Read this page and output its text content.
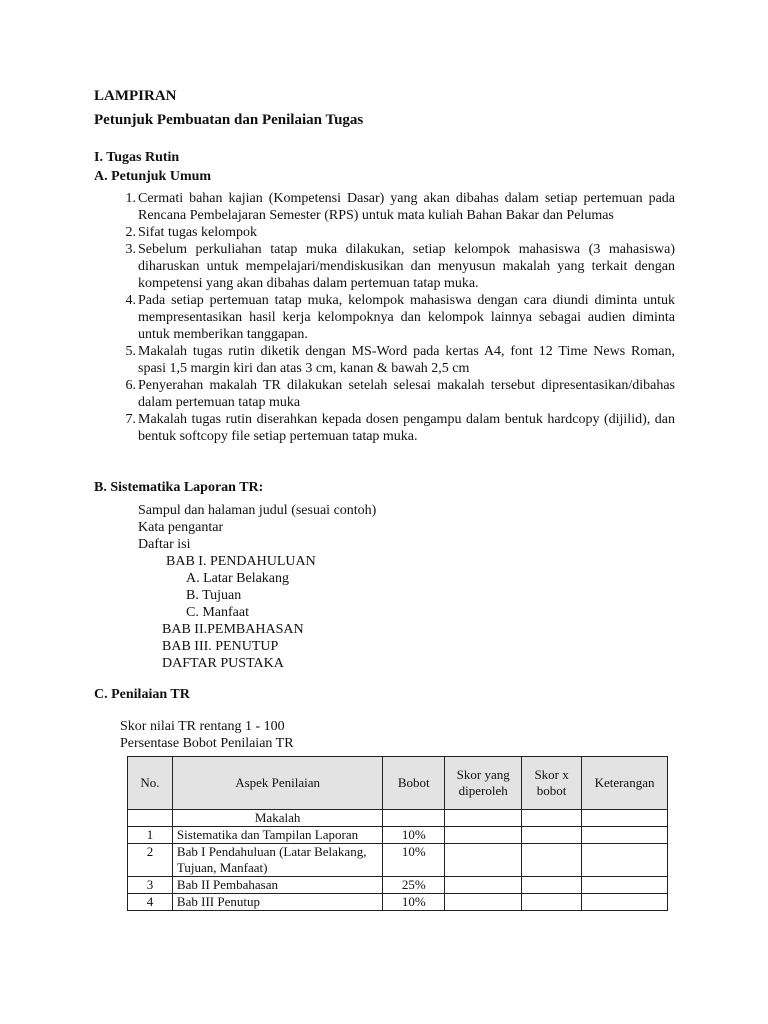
LAMPIRAN
Petunjuk Pembuatan dan Penilaian Tugas
I. Tugas Rutin
A. Petunjuk Umum
1. Cermati bahan kajian (Kompetensi Dasar) yang akan dibahas dalam setiap pertemuan pada Rencana Pembelajaran Semester (RPS) untuk mata kuliah Bahan Bakar dan Pelumas
2. Sifat tugas kelompok
3. Sebelum perkuliahan tatap muka dilakukan, setiap kelompok mahasiswa (3 mahasiswa) diharuskan untuk mempelajari/mendiskusikan dan menyusun makalah yang terkait dengan kompetensi yang akan dibahas dalam pertemuan tatap muka.
4. Pada setiap pertemuan tatap muka, kelompok mahasiswa dengan cara diundi diminta untuk mempresentasikan hasil kerja kelompoknya dan kelompok lainnya sebagai audien diminta untuk memberikan tanggapan.
5. Makalah tugas rutin diketik dengan MS-Word pada kertas A4, font 12 Time News Roman, spasi 1,5 margin kiri dan atas 3 cm, kanan & bawah 2,5 cm
6. Penyerahan makalah TR dilakukan setelah selesai makalah tersebut dipresentasikan/dibahas dalam pertemuan tatap muka
7. Makalah tugas rutin diserahkan kepada dosen pengampu dalam bentuk hardcopy (dijilid), dan bentuk softcopy file setiap pertemuan tatap muka.
B. Sistematika Laporan TR:
Sampul dan halaman judul (sesuai contoh)
Kata pengantar
Daftar isi
BAB I. PENDAHULUAN
A. Latar Belakang
B. Tujuan
C. Manfaat
BAB II.PEMBAHASAN
BAB III. PENUTUP
DAFTAR PUSTAKA
C. Penilaian TR
Skor nilai TR rentang 1 - 100
Persentase Bobot Penilaian TR
No.	Aspek Penilaian	Bobot	Skor yang diperoleh	Skor x bobot	Keterangan
	Makalah				
1	Sistematika dan Tampilan Laporan	10%			
2	Bab I Pendahuluan (Latar Belakang, Tujuan, Manfaat)	10%			
3	Bab II Pembahasan	25%			
4	Bab III Penutup	10%			
